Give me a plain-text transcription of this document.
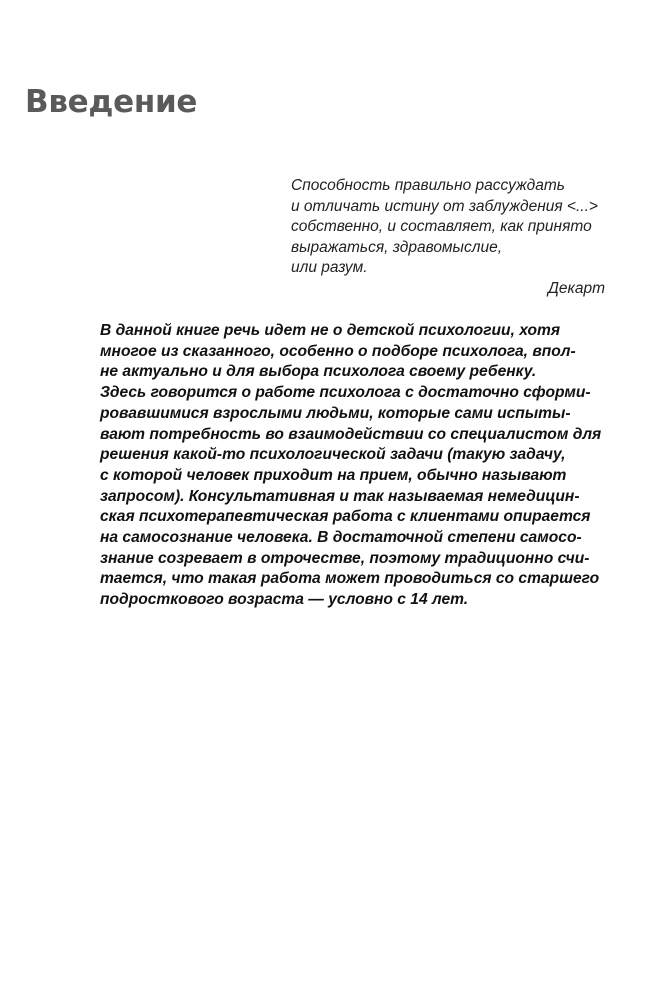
Введение
Способность правильно рассуждать
и отличать истину от заблуждения <...>
собственно, и составляет, как принято
выражаться, здравомыслие,
или разум.
Декарт
В данной книге речь идет не о детской психологии, хотя
многое из сказанного, особенно о подборе психолога, впол-
не актуально и для выбора психолога своему ребенку.
Здесь говорится о работе психолога с достаточно сформи-
ровавшимися взрослыми людьми, которые сами испыты-
вают потребность во взаимодействии со специалистом для
решения какой-то психологической задачи (такую задачу,
с которой человек приходит на прием, обычно называют
запросом). Консультативная и так называемая немедицин-
ская психотерапевтическая работа с клиентами опирается
на самосознание человека. В достаточной степени самосо-
знание созревает в отрочестве, поэтому традиционно счи-
тается, что такая работа может проводиться со старшего
подросткового возраста — условно с 14 лет.
